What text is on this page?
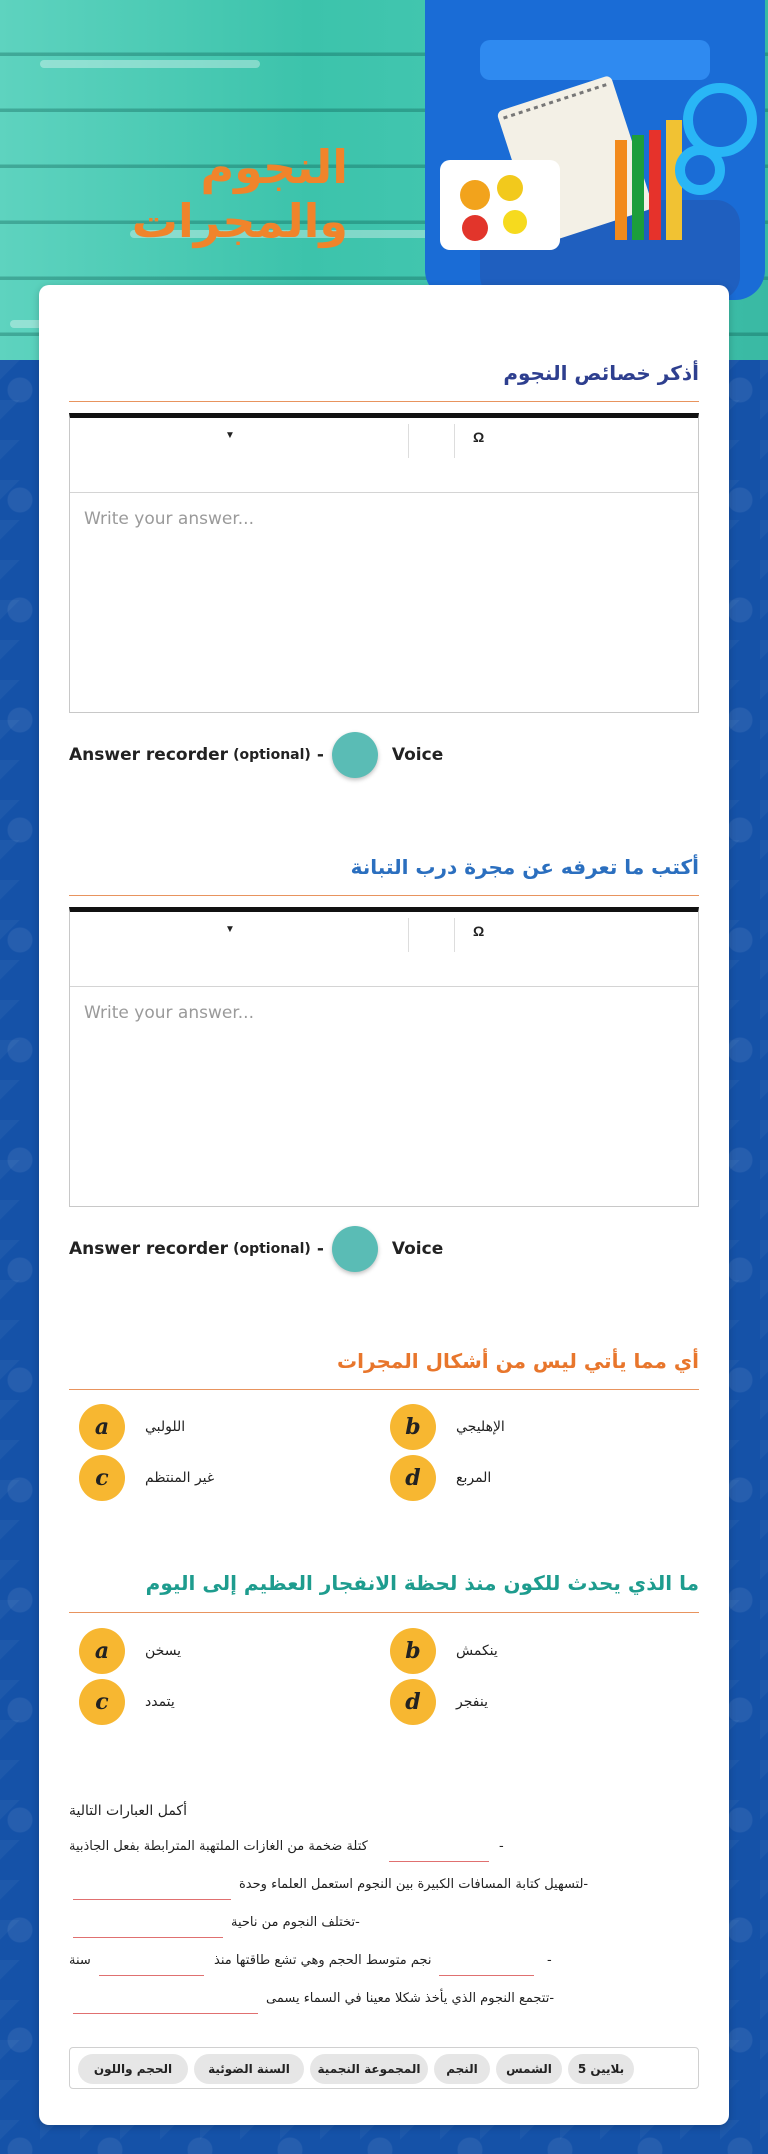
النجوم والمجرات
أذكر خصائص النجوم
▼	Ω
Write your answer...
Answer recorder (optional) -	Voice
أكتب ما تعرفه عن مجرة درب التبانة
▼	Ω
Write your answer...
Answer recorder (optional) -	Voice
أي مما يأتي ليس من أشكال المجرات
a	اللولبي	b	الإهليجي
c	غير المنتظم	d	المربع
ما الذي يحدث للكون منذ لحظة الانفجار العظيم إلى اليوم
a	يسخن	b	ينكمش
c	يتمدد	d	ينفجر
أكمل العبارات التالية
كتلة ضخمة من الغازات الملتهبة المترابطة بفعل الجاذبية	-
-لتسهيل كتابة المسافات الكبيرة بين النجوم استعمل العلماء وحدة
-تختلف النجوم من ناحية
سنة	نجم متوسط الحجم وهي تشع طاقتها منذ	-
-تتجمع النجوم الذي يأخذ شكلا معينا في السماء يسمى
الحجم واللون	السنة الضوئية	المجموعة النجمية	النجم	الشمس	بلايين 5
